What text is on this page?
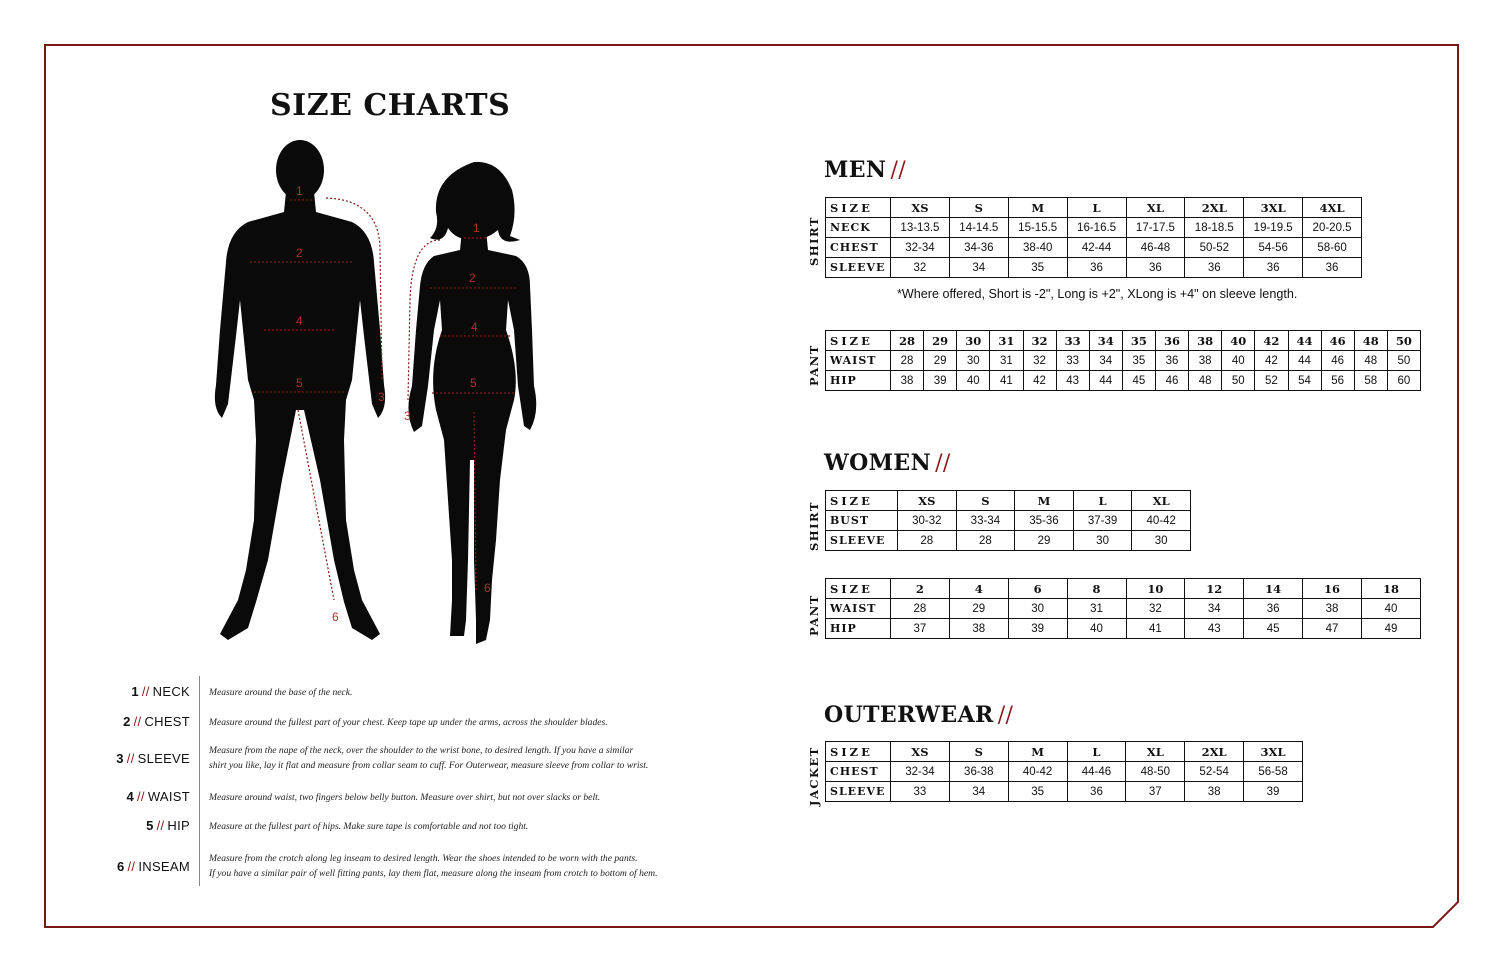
SIZE CHARTS
1
2
4
5
3
6
1
2
4
5
3
6
1 // NECK Measure around the base of the neck.
2 // CHEST Measure around the fullest part of your chest. Keep tape up under the arms, across the shoulder blades.
3 // SLEEVE
Measure from the nape of the neck, over the shoulder to the wrist bone, to desired length. If you have a similar
shirt you like, lay it flat and measure from collar seam to cuff. For Outerwear, measure sleeve from collar to wrist.
4 // WAIST Measure around waist, two fingers below belly button. Measure over shirt, but not over slacks or belt.
5 // HIP Measure at the fullest part of hips. Make sure tape is comfortable and not too tight.
6 // INSEAM
Measure from the crotch along leg inseam to desired length. Wear the shoes intended to be worn with the pants.
If you have a similar pair of well fitting pants, lay them flat, measure along the inseam from crotch to bottom of hem.
MEN //
SHIRT
SIZE	XS	S	M	L	XL	2XL	3XL	4XL
NECK	13-13.5	14-14.5	15-15.5	16-16.5	17-17.5	18-18.5	19-19.5	20-20.5
CHEST	32-34	34-36	38-40	42-44	46-48	50-52	54-56	58-60
SLEEVE	32	34	35	36	36	36	36	36
*Where offered, Short is -2", Long is +2", XLong is +4" on sleeve length.
PANT
SIZE	28	29	30	31	32	33	34	35	36	38	40	42	44	46	48	50
WAIST	28	29	30	31	32	33	34	35	36	38	40	42	44	46	48	50
HIP	38	39	40	41	42	43	44	45	46	48	50	52	54	56	58	60
WOMEN //
SHIRT
SIZE	XS	S	M	L	XL
BUST	30-32	33-34	35-36	37-39	40-42
SLEEVE	28	28	29	30	30
PANT
SIZE	2	4	6	8	10	12	14	16	18
WAIST	28	29	30	31	32	34	36	38	40
HIP	37	38	39	40	41	43	45	47	49
OUTERWEAR //
JACKET SIZE	XS	S	M	L	XL	2XL	3XL
CHEST	32-34	36-38	40-42	44-46	48-50	52-54	56-58
SLEEVE	33	34	35	36	37	38	39
